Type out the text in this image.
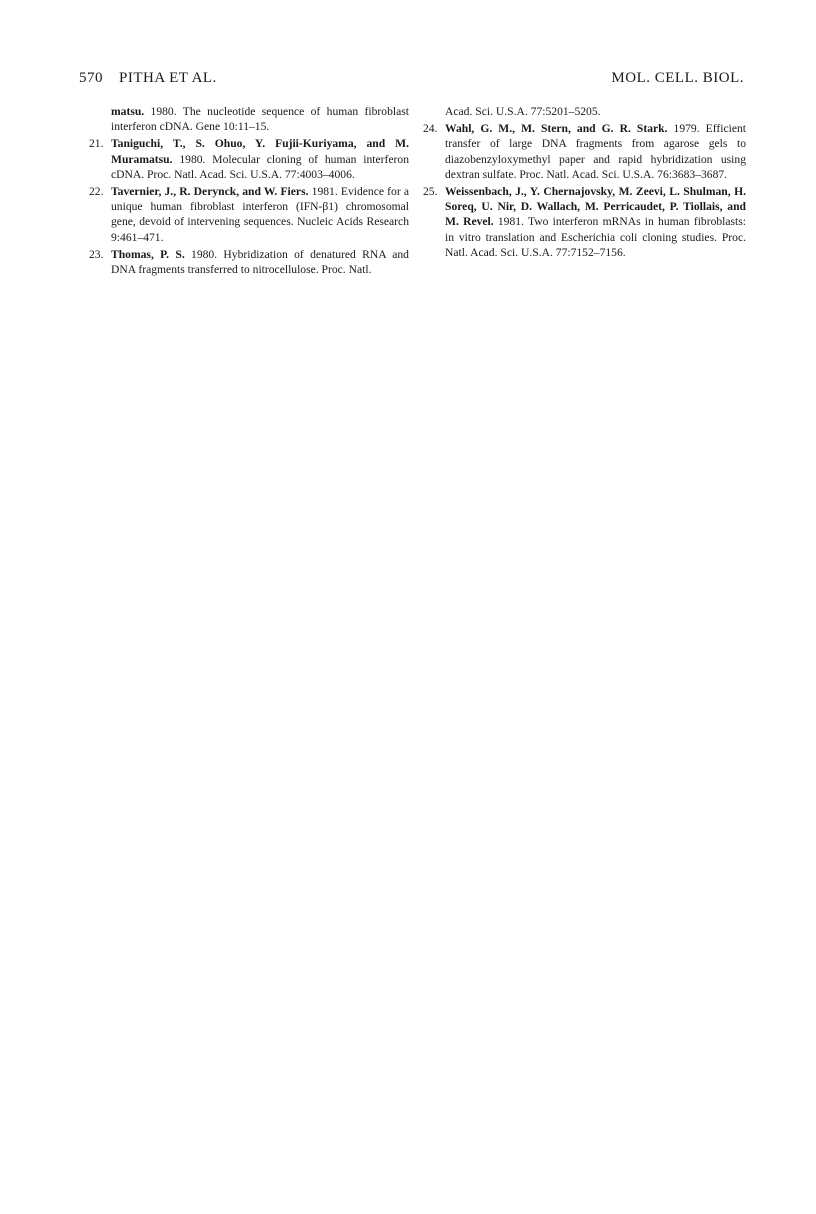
570 PITHA ET AL.	MOL. CELL. BIOL.

matsu. 1980. The nucleotide sequence of human fibroblast interferon cDNA. Gene 10:11–15.

21. Taniguchi, T., S. Ohuo, Y. Fujii-Kuriyama, and M. Muramatsu. 1980. Molecular cloning of human interferon cDNA. Proc. Natl. Acad. Sci. U.S.A. 77:4003–4006.

22. Tavernier, J., R. Derynck, and W. Fiers. 1981. Evidence for a unique human fibroblast interferon (IFN-β1) chromosomal gene, devoid of intervening sequences. Nucleic Acids Research 9:461–471.

23. Thomas, P. S. 1980. Hybridization of denatured RNA and DNA fragments transferred to nitrocellulose. Proc. Natl.

Acad. Sci. U.S.A. 77:5201–5205.

24. Wahl, G. M., M. Stern, and G. R. Stark. 1979. Efficient transfer of large DNA fragments from agarose gels to diazobenzyloxymethyl paper and rapid hybridization using dextran sulfate. Proc. Natl. Acad. Sci. U.S.A. 76:3683–3687.

25. Weissenbach, J., Y. Chernajovsky, M. Zeevi, L. Shulman, H. Soreq, U. Nir, D. Wallach, M. Perricaudet, P. Tiollais, and M. Revel. 1981. Two interferon mRNAs in human fibroblasts: in vitro translation and Escherichia coli cloning studies. Proc. Natl. Acad. Sci. U.S.A. 77:7152–7156.
